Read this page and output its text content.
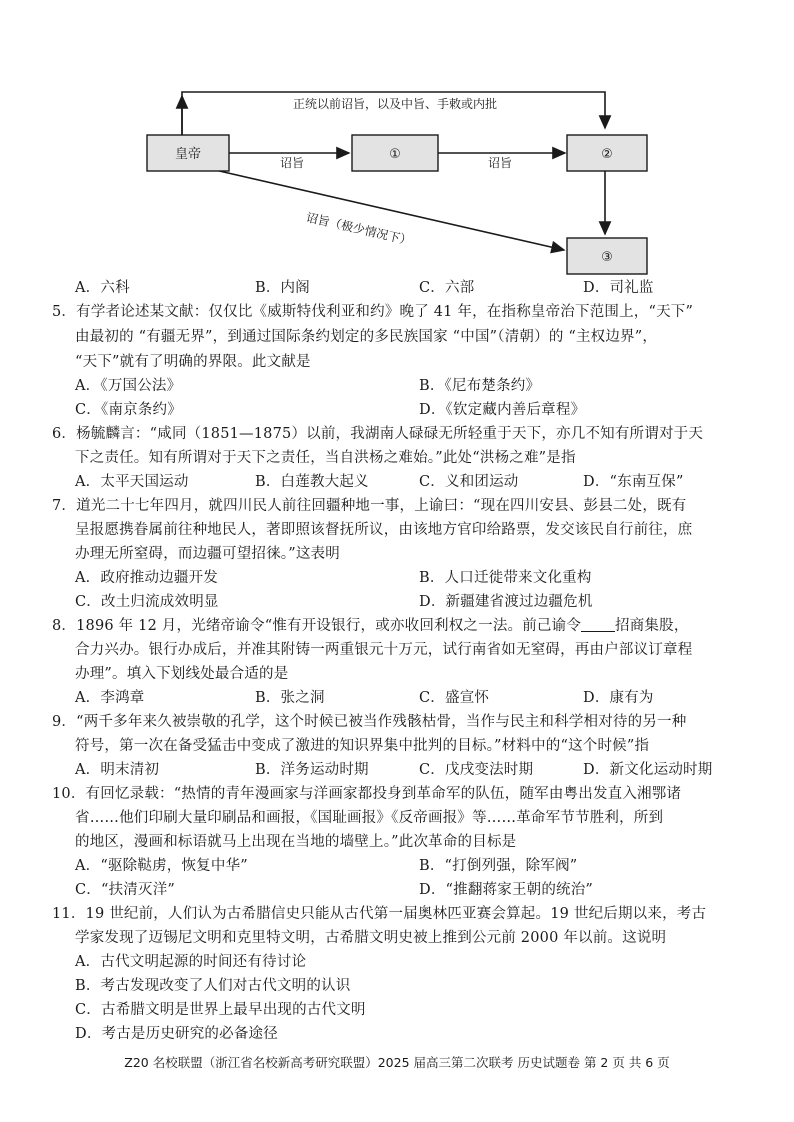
正统以前诏旨，以及中旨、手敕或内批
诏旨	诏旨
诏旨（极少情况下）
皇帝	①	②
③
A．六科	B．内阁	C．六部	D．司礼监
5．有学者论述某文献：仅仅比《威斯特伐利亚和约》晚了 41 年，在指称皇帝治下范围上，“天下”
由最初的 “有疆无界”，到通过国际条约划定的多民族国家 “中国”（清朝）的 “主权边界”，
“天下”就有了明确的界限。此文献是
A．《万国公法》	B．《尼布楚条约》
C．《南京条约》	D．《钦定藏内善后章程》
6．杨毓麟言：“咸同（1851—1875）以前，我湖南人碌碌无所轻重于天下，亦几不知有所谓对于天
下之责任。知有所谓对于天下之责任，当自洪杨之难始。”此处“洪杨之难”是指
A．太平天国运动	B．白莲教大起义	C．义和团运动	D．“东南互保”
7．道光二十七年四月，就四川民人前往回疆种地一事，上谕曰：“现在四川安县、彭县二处，既有
呈报愿携眷属前往种地民人，著即照该督抚所议，由该地方官印给路票，发交该民自行前往，庶
办理无所窒碍，而边疆可望招徕。”这表明
A．政府推动边疆开发	B．人口迁徙带来文化重构
C．改土归流成效明显	D．新疆建省渡过边疆危机
8．1896 年 12 月，光绪帝谕令“惟有开设银行，或亦收回利权之一法。前己谕令 招商集股，
合力兴办。银行办成后，并准其附铸一两重银元十万元，试行南省如无窒碍，再由户部议订章程
办理”。填入下划线处最合适的是
A．李鸿章	B．张之洞	C．盛宣怀	D．康有为
9．“两千多年来久被崇敬的孔学，这个时候已被当作残骸枯骨，当作与民主和科学相对待的另一种
符号，第一次在备受猛击中变成了激进的知识界集中批判的目标。”材料中的“这个时候”指
A．明末清初	B．洋务运动时期	C．戊戌变法时期	D．新文化运动时期
10．有回忆录载：“热情的青年漫画家与洋画家都投身到革命军的队伍，随军由粤出发直入湘鄂诸
省……他们印刷大量印刷品和画报，《国耻画报》《反帝画报》等……革命军节节胜利，所到
的地区，漫画和标语就马上出现在当地的墙壁上。”此次革命的目标是
A．“驱除鞑虏，恢复中华”	B．“打倒列强，除军阀”
C．“扶清灭洋”	D．“推翻蒋家王朝的统治”
11．19 世纪前，人们认为古希腊信史只能从古代第一届奥林匹亚赛会算起。19 世纪后期以来，考古
学家发现了迈锡尼文明和克里特文明，古希腊文明史被上推到公元前 2000 年以前。这说明
A．古代文明起源的时间还有待讨论
B．考古发现改变了人们对古代文明的认识
C．古希腊文明是世界上最早出现的古代文明
D．考古是历史研究的必备途径
Z20 名校联盟（浙江省名校新高考研究联盟）2025 届高三第二次联考 历史试题卷 第 2 页 共 6 页
